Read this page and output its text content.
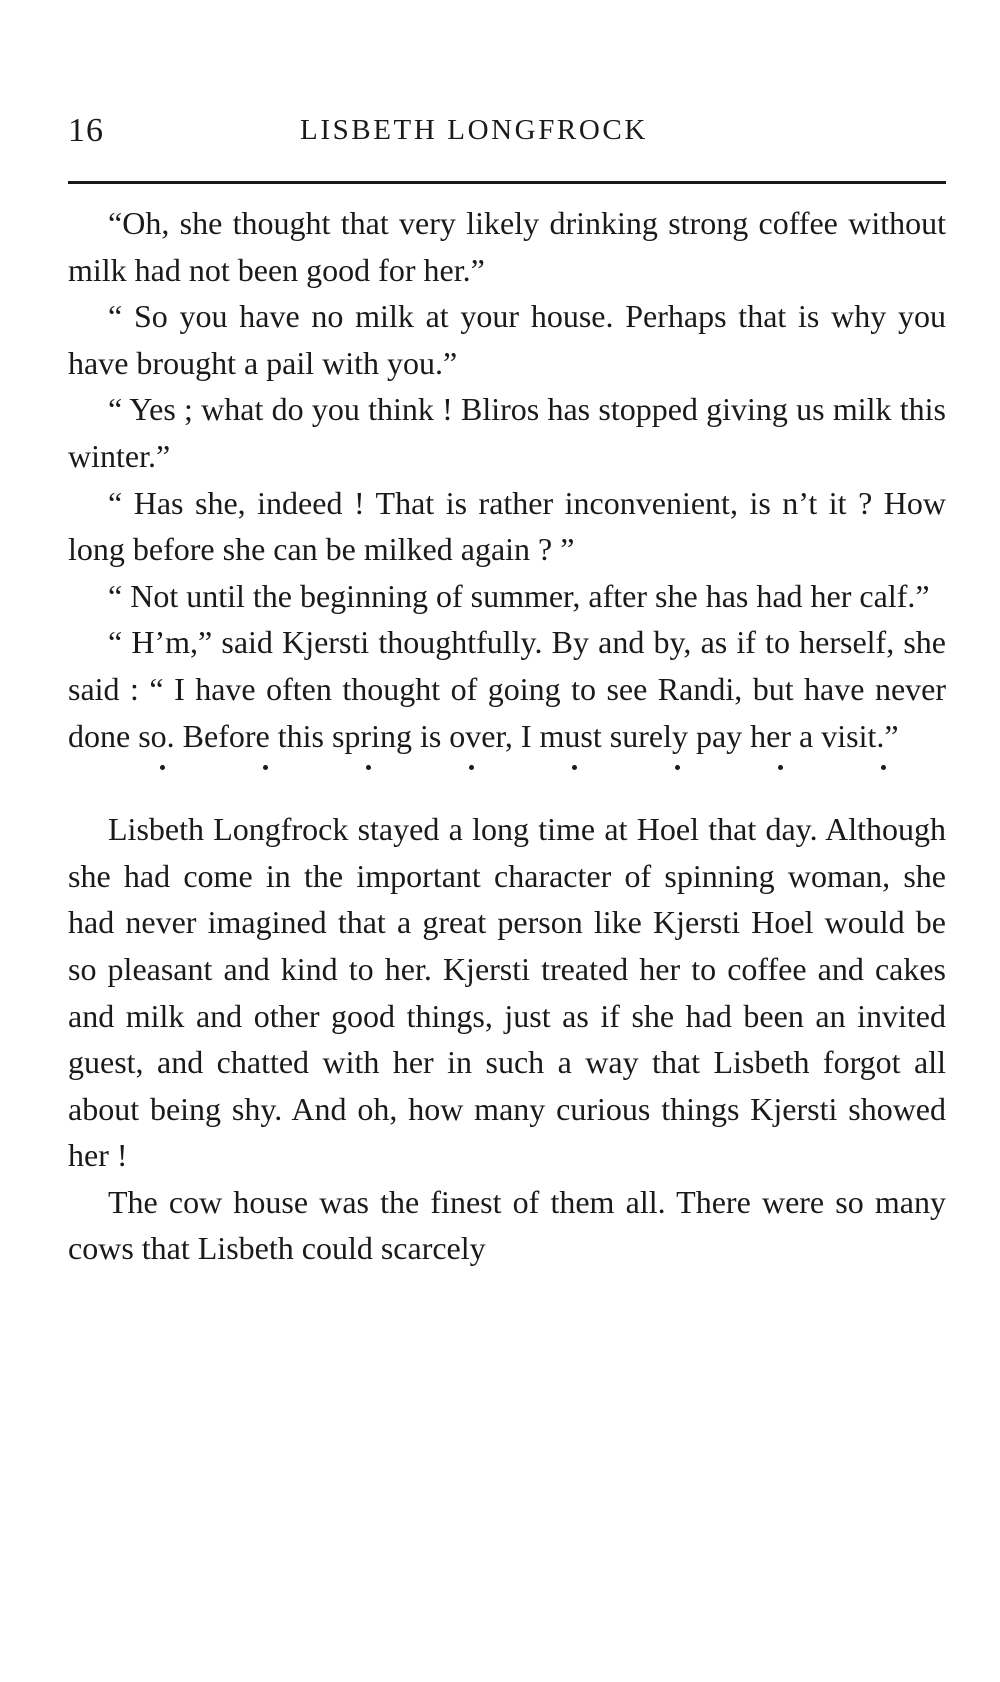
16	LISBETH LONGFROCK

“Oh, she thought that very likely drinking strong coffee without milk had not been good for her.”

“ So you have no milk at your house. Perhaps that is why you have brought a pail with you.”

“ Yes ; what do you think ! Bliros has stopped giving us milk this winter.”

“ Has she, indeed ! That is rather inconvenient, is n’t it ? How long before she can be milked again ? ”

“ Not until the beginning of summer, after she has had her calf.”

“ H’m,” said Kjersti thoughtfully. By and by, as if to herself, she said : “ I have often thought of going to see Randi, but have never done so. Before this spring is over, I must surely pay her a visit.”

Lisbeth Longfrock stayed a long time at Hoel that day. Although she had come in the important character of spinning woman, she had never imagined that a great person like Kjersti Hoel would be so pleasant and kind to her. Kjersti treated her to coffee and cakes and milk and other good things, just as if she had been an invited guest, and chatted with her in such a way that Lisbeth forgot all about being shy. And oh, how many curious things Kjersti showed her !

The cow house was the finest of them all. There were so many cows that Lisbeth could scarcely
